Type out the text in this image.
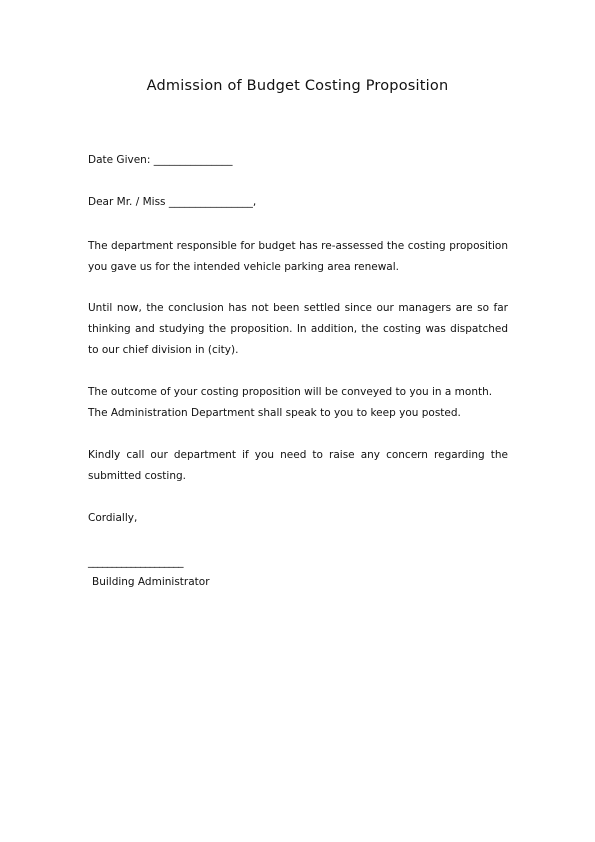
Admission of Budget Costing Proposition
Date Given: _______________
Dear Mr. / Miss ________________,
The department responsible for budget has re-assessed the costing proposition you gave us for the intended vehicle parking area renewal.
Until now, the conclusion has not been settled since our managers are so far thinking and studying the proposition. In addition, the costing was dispatched to our chief division in (city).
The outcome of your costing proposition will be conveyed to you in a month. The Administration Department shall speak to you to keep you posted.
Kindly call our department if you need to raise any concern regarding the submitted costing.
Cordially,
____________________
Building Administrator
